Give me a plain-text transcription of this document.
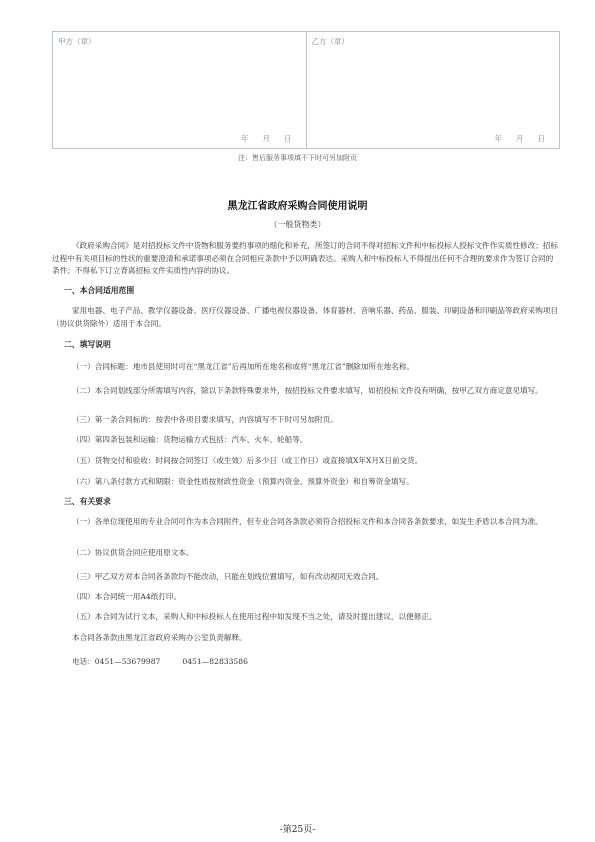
甲方（章）
年 月 日
乙方（章）
年 月 日
注：售后服务事项填不下时可另加附页
黑龙江省政府采购合同使用说明
（一般货物类）

《政府采购合同》是对招投标文件中货物和服务要约事项的细化和补充，所签订的合同不得对招标文件和中标投标人投标文件作实质性修改；招标过程中有关项目标的性状的重要澄清和承诺事项必须在合同相应条款中予以明确表达。采购人和中标投标人不得提出任何不合理的要求作为签订合同的条件；不得私下订立背离招标文件实质性内容的协议。

一、本合同适用范围

家用电器、电子产品、教学仪器设备、医疗仪器设备、广播电视仪器设备、体育器材、音响乐器、药品、服装、印刷设备和印刷品等政府采购项目（协议供货除外）适用于本合同。

二、填写说明

（一）合同标题：地市县使用时可在“黑龙江省”后再加所在地名称或将“黑龙江省”删除加所在地名称。

（二）本合同划线部分所需填写内容，除以下条款特殊要求外，按招投标文件要求填写，如招投标文件没有明确，按甲乙双方商定意见填写。

（三）第一条合同标的：按表中各项目要求填写，内容填写不下时可另加附页。

（四）第四条包装和运输：货物运输方式包括：汽车、火车、轮船等。

（五）货物交付和验收：时间按合同签订（或生效）后多少日（或工作日）或直接填X年X月X日前交货。

（六）第八条付款方式和期限：资金性质按财政性资金（预算内资金、预算外资金）和自筹资金填写。

三、有关要求

（一）各单位现使用的专业合同可作为本合同附件，但专业合同各条款必须符合招投标文件和本合同各条款要求，如发生矛盾以本合同为准。

（二）协议供货合同应使用原文本。

（三）甲乙双方对本合同各条款均不能改动，只能在划线位置填写，如有改动视同无效合同。

（四）本合同统一用A4纸打印。

（五）本合同为试行文本，采购人和中标投标人在使用过程中如发现不当之处，请及时提出建议，以便修正。

本合同各条款由黑龙江省政府采购办公室负责解释。

电话：0451—53679987	0451—82833586
-第25页-
